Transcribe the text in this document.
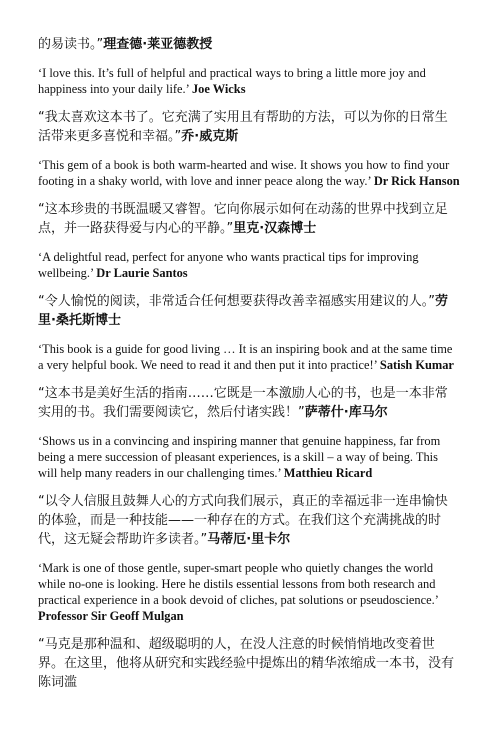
的易读书。”理查德·莱亚德教授

‘I love this. It’s full of helpful and practical ways to bring a little more joy and happiness into your daily life.’ Joe Wicks

“我太喜欢这本书了。它充满了实用且有帮助的方法，可以为你的日常生活带来更多喜悦和幸福。”乔·威克斯

‘This gem of a book is both warm-hearted and wise. It shows you how to find your footing in a shaky world, with love and inner peace along the way.’ Dr Rick Hanson

“这本珍贵的书既温暖又睿智。它向你展示如何在动荡的世界中找到立足点，并一路获得爱与内心的平静。”里克·汉森博士

‘A delightful read, perfect for anyone who wants practical tips for improving wellbeing.’ Dr Laurie Santos

“令人愉悦的阅读，非常适合任何想要获得改善幸福感实用建议的人。”劳里·桑托斯博士

‘This book is a guide for good living … It is an inspiring book and at the same time a very helpful book. We need to read it and then put it into practice!’ Satish Kumar

“这本书是美好生活的指南……它既是一本激励人心的书，也是一本非常实用的书。我们需要阅读它，然后付诸实践！”萨蒂什·库马尔

‘Shows us in a convincing and inspiring manner that genuine happiness, far from being a mere succession of pleasant experiences, is a skill – a way of being. This will help many readers in our challenging times.’ Matthieu Ricard

“以令人信服且鼓舞人心的方式向我们展示，真正的幸福远非一连串愉快的体验，而是一种技能——一种存在的方式。在我们这个充满挑战的时代，这无疑会帮助许多读者。”马蒂厄·里卡尔

‘Mark is one of those gentle, super-smart people who quietly changes the world while no-one is looking. Here he distils essential lessons from both research and practical experience in a book devoid of cliches, pat solutions or pseudoscience.’ Professor Sir Geoff Mulgan

“马克是那种温和、超级聪明的人，在没人注意的时候悄悄地改变着世界。在这里，他将从研究和实践经验中提炼出的精华浓缩成一本书，没有陈词滥
